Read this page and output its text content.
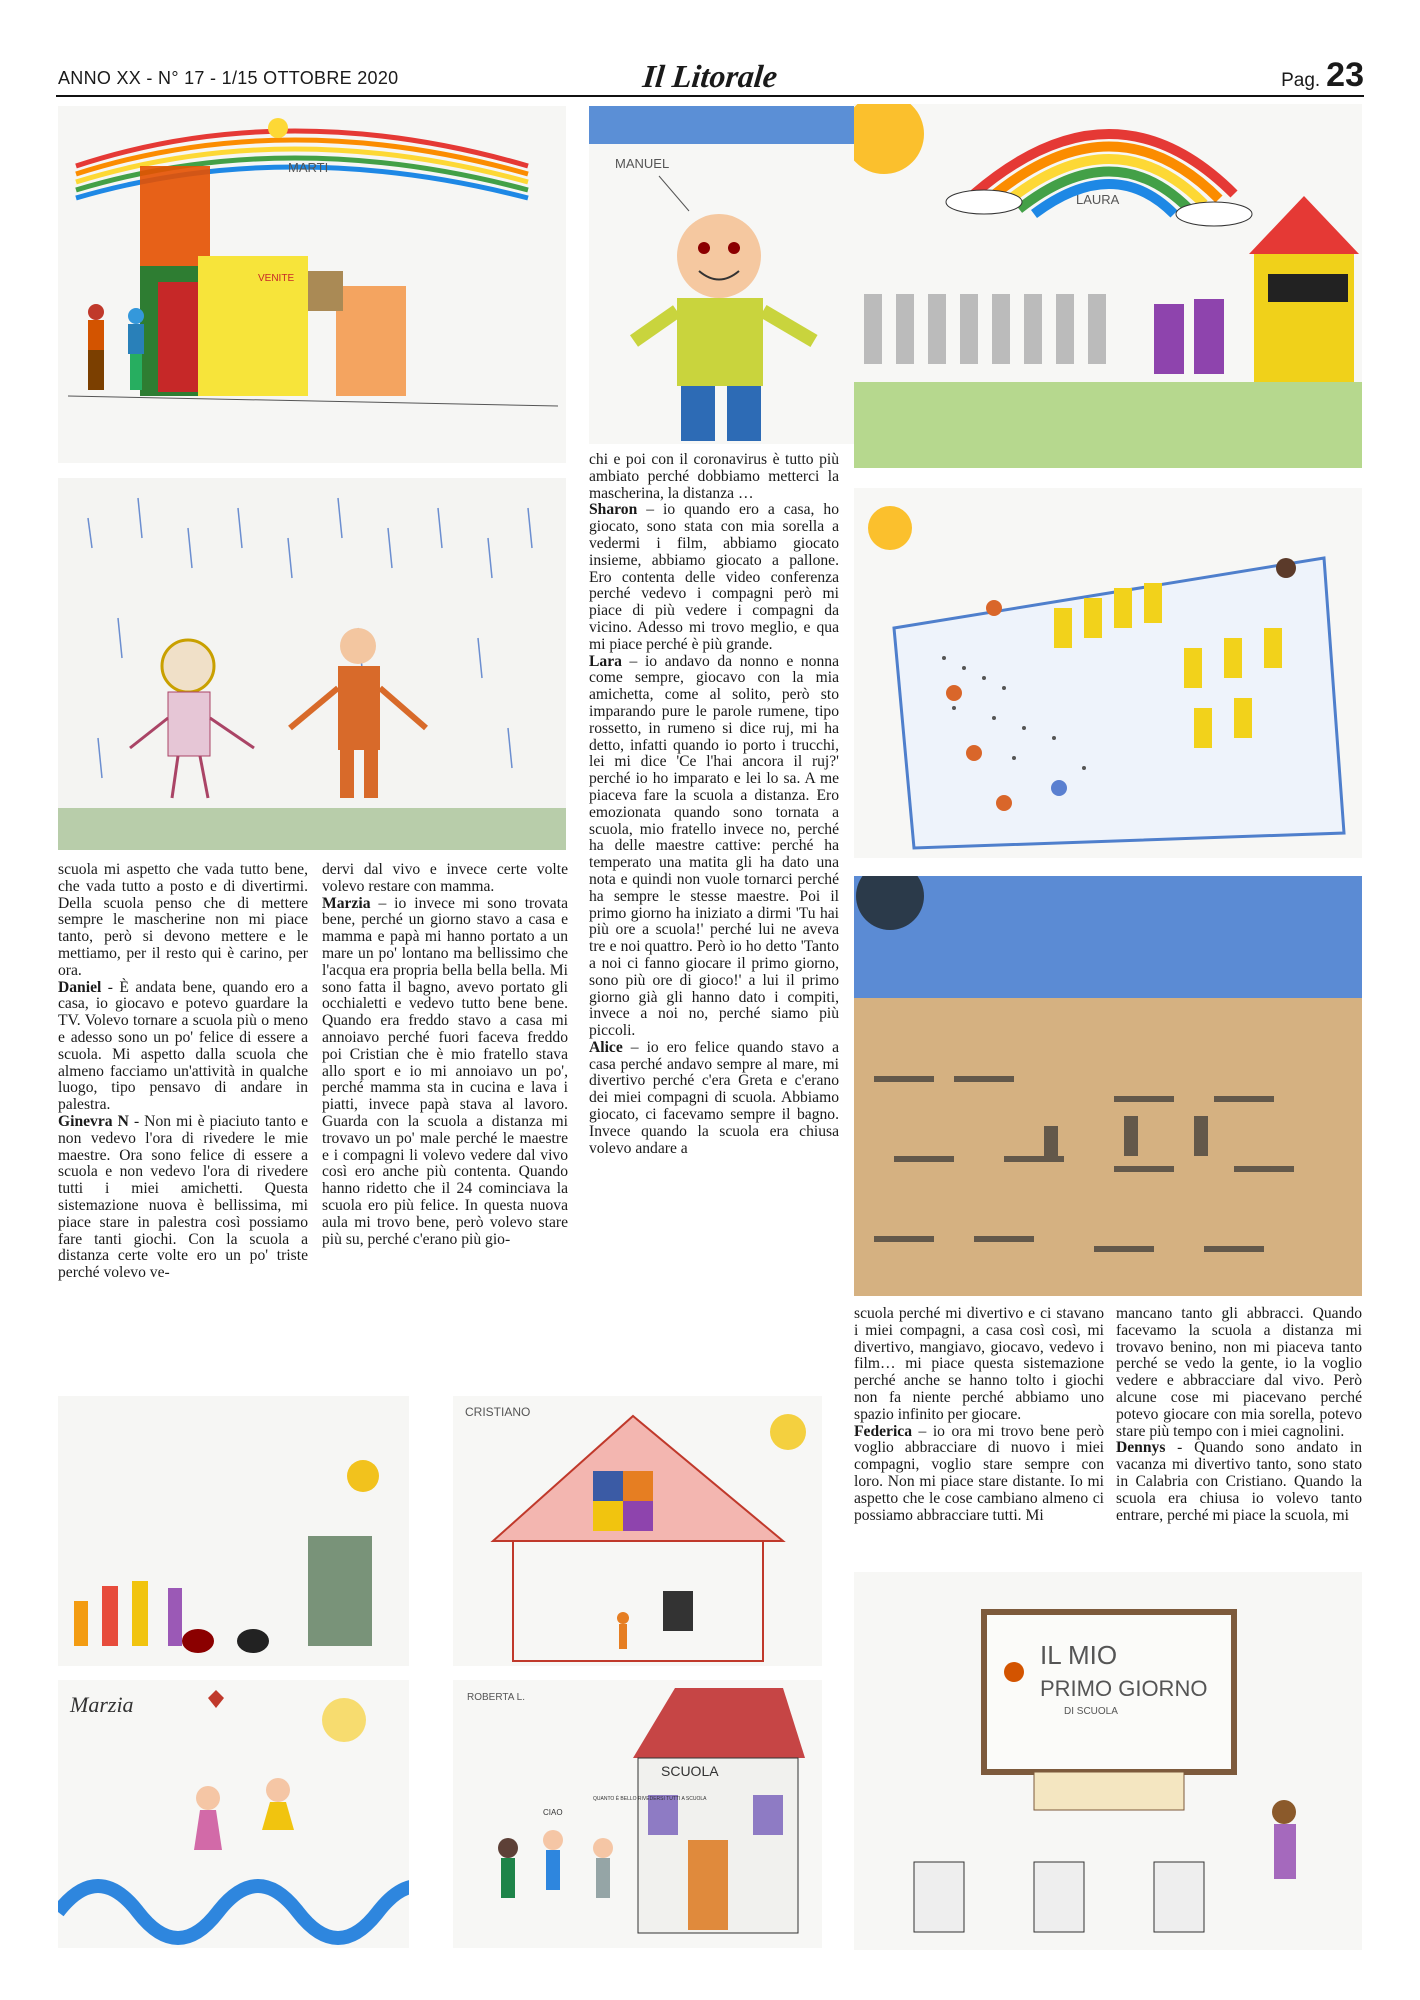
ANNO XX - N° 17 - 1/15 OTTOBRE 2020	Il Litorale	Pag. 23
VENITE
MARTI	MANUEL
LAURA

scuola mi aspetto che vada tutto bene, che vada tutto a posto e di divertirmi. Della scuola penso che di mettere sempre le mascherine non mi piace tanto, però si devono mettere e le mettiamo, per il resto qui è carino, per ora.

Daniel - È andata bene, quando ero a casa, io giocavo e potevo guardare la TV. Volevo tornare a scuola più o meno e adesso sono un po' felice di essere a scuola. Mi aspetto dalla scuola che almeno facciamo un'attività in qualche luogo, tipo pensavo di andare in palestra.

Ginevra N - Non mi è piaciuto tanto e non vedevo l'ora di rivedere le mie maestre. Ora sono felice di essere a scuola e non vedevo l'ora di rivedere tutti i miei amichetti. Questa sistemazione nuova è bellissima, mi piace stare in palestra così possiamo fare tanti giochi. Con la scuola a distanza certe volte ero un po' triste perché volevo ve-

dervi dal vivo e invece certe volte volevo restare con mamma.

Marzia – io invece mi sono trovata bene, perché un giorno stavo a casa e mamma e papà mi hanno portato a un mare un po' lontano ma bellissimo che l'acqua era propria bella bella bella. Mi sono fatta il bagno, avevo portato gli occhialetti e vedevo tutto bene bene. Quando era freddo stavo a casa mi annoiavo perché fuori faceva freddo poi Cristian che è mio fratello stava allo sport e io mi annoiavo un po', perché mamma sta in cucina e lava i piatti, invece papà stava al lavoro. Guarda con la scuola a distanza mi trovavo un po' male perché le maestre e i compagni li volevo vedere dal vivo così ero anche più contenta. Quando hanno ridetto che il 24 cominciava la scuola ero più felice. In questa nuova aula mi trovo bene, però volevo stare più su, perché c'erano più gio-

chi e poi con il coronavirus è tutto più ambiato perché dobbiamo metterci la mascherina, la distanza …

Sharon – io quando ero a casa, ho giocato, sono stata con mia sorella a vedermi i film, abbiamo giocato insieme, abbiamo giocato a pallone. Ero contenta delle video conferenza perché vedevo i compagni però mi piace di più vedere i compagni da vicino. Adesso mi trovo meglio, e qua mi piace perché è più grande.

Lara – io andavo da nonno e nonna come sempre, giocavo con la mia amichetta, come al solito, però sto imparando pure le parole rumene, tipo rossetto, in rumeno si dice ruj, mi ha detto, infatti quando io porto i trucchi, lei mi dice 'Ce l'hai ancora il ruj?' perché io ho imparato e lei lo sa. A me piaceva fare la scuola a distanza. Ero emozionata quando sono tornata a scuola, mio fratello invece no, perché ha delle maestre cattive: perché ha temperato una matita gli ha dato una nota e quindi non vuole tornarci perché ha sempre le stesse maestre. Poi il primo giorno ha iniziato a dirmi 'Tu hai più ore a scuola!' perché lui ne aveva tre e noi quattro. Però io ho detto 'Tanto a noi ci fanno giocare il primo giorno, sono più ore di gioco!' a lui il primo giorno già gli hanno dato i compiti, invece a noi no, perché siamo più piccoli.

Alice – io ero felice quando stavo a casa perché andavo sempre al mare, mi divertivo perché c'era Greta e c'erano dei miei compagni di scuola. Abbiamo giocato, ci facevamo sempre il bagno. Invece quando la scuola era chiusa volevo andare a

scuola perché mi divertivo e ci stavano i miei compagni, a casa così così, mi divertivo, mangiavo, giocavo, vedevo i film… mi piace questa sistemazione perché anche se hanno tolto i giochi non fa niente perché abbiamo uno spazio infinito per giocare.

Federica – io ora mi trovo bene però voglio abbracciare di nuovo i miei compagni, voglio stare sempre con loro. Non mi piace stare distante. Io mi aspetto che le cose cambiano almeno ci possiamo abbracciare tutti. Mi

mancano tanto gli abbracci. Quando facevamo la scuola a distanza mi trovavo benino, non mi piaceva tanto perché se vedo la gente, io la voglio vedere e abbracciare dal vivo. Però alcune cose mi piacevano perché potevo giocare con mia sorella, potevo stare più tempo con i miei cagnolini.

Dennys - Quando sono andato in vacanza mi divertivo tanto, sono stato in Calabria con Cristiano. Quando la scuola era chiusa io volevo tanto entrare, perché mi piace la scuola, mi

CRISTIANO
Marzia
SCUOLA
CIAO
QUANTO È BELLO RIVEDERSI TUTTI A SCUOLA
ROBERTA L.
IL MIO
PRIMO GIORNO
DI SCUOLA
